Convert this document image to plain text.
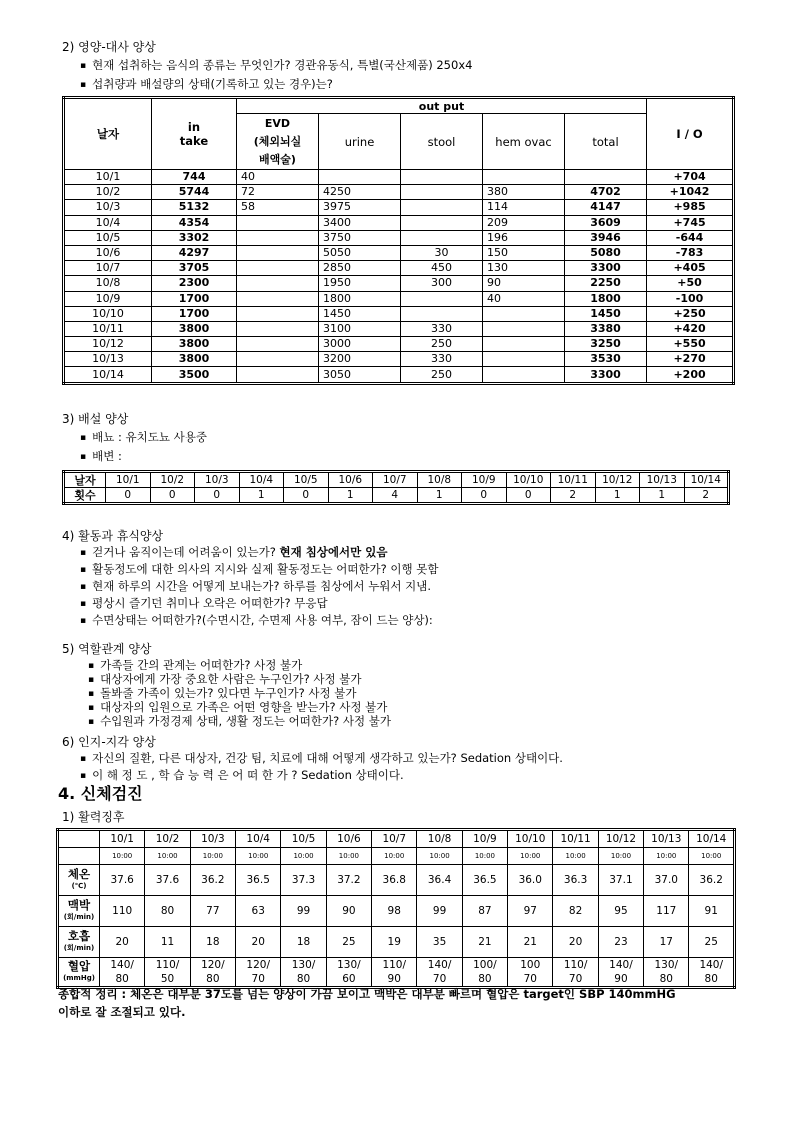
2) 영양-대사 양상
▪ 현재 섭취하는 음식의 종류는 무엇인가? 경관유동식, 특별(국산제품) 250x4
▪ 섭취량과 배설량의 상태(기록하고 있는 경우)는?
날자	in
take	out put					I / O
		EVD
(체외뇌실
배액술)	urine	stool	hem ovac	total	

10/1	744	40					+704
10/2	5744	72	4250		380	4702	+1042
10/3	5132	58	3975		114	4147	+985
10/4	4354		3400		209	3609	+745
10/5	3302		3750		196	3946	-644
10/6	4297		5050	30	150	5080	-783
10/7	3705		2850	450	130	3300	+405
10/8	2300		1950	300	90	2250	+50
10/9	1700		1800		40	1800	-100
10/10	1700		1450			1450	+250
10/11	3800		3100	330		3380	+420
10/12	3800		3000	250		3250	+550
10/13	3800		3200	330		3530	+270
10/14	3500		3050	250		3300	+200
3) 배설 양상
▪ 배뇨 : 유치도뇨 사용중
▪ 배변 :
날자	10/1	10/2	10/3	10/4	10/5	10/6	10/7	10/8	10/9	10/10	10/11	10/12	10/13	10/14
횟수	0	0	0	1	0	1	4	1	0	0	2	1	1	2
4) 활동과 휴식양상
▪ 걷거나 움직이는데 어려움이 있는가? 현재 침상에서만 있음
▪ 활동정도에 대한 의사의 지시와 실제 활동정도는 어떠한가? 이행 못함
▪ 현재 하루의 시간을 어떻게 보내는가? 하루를 침상에서 누워서 지냄.
▪ 평상시 즐기던 취미나 오락은 어떠한가? 무응답
▪ 수면상태는 어떠한가?(수면시간, 수면제 사용 여부, 잠이 드는 양상):
5) 역할관계 양상
▪ 가족들 간의 관계는 어떠한가? 사정 불가
▪ 대상자에게 가장 중요한 사람은 누구인가? 사정 불가
▪ 돌봐줄 가족이 있는가? 있다면 누구인가? 사정 불가
▪ 대상자의 입원으로 가족은 어떤 영향을 받는가? 사정 불가
▪ 수입원과 가정경제 상태, 생활 정도는 어떠한가? 사정 불가
6) 인지-지각 양상
▪ 자신의 질환, 다른 대상자, 건강 팀, 치료에 대해 어떻게 생각하고 있는가? Sedation 상태이다.
▪ 이 해 정 도 , 학 습 능 력 은 어 떠 한 가 ? Sedation 상태이다.
4. 신체검진
1) 활력징후
	10/1	10/2	10/3	10/4	10/5	10/6	10/7	10/8	10/9	10/10	10/11	10/12	10/13	10/14
	10:00	10:00	10:00	10:00	10:00	10:00	10:00	10:00	10:00	10:00	10:00	10:00	10:00	10:00
체온
(℃)	37.6	37.6	36.2	36.5	37.3	37.2	36.8	36.4	36.5	36.0	36.3	37.1	37.0	36.2
맥박
(회/min)	110	80	77	63	99	90	98	99	87	97	82	95	117	91
호흡
(회/min)	20	11	18	20	18	25	19	35	21	21	20	23	17	25
혈압
(mmHg)	140/	110/	120/	120/	130/	130/	110/	140/	100/	100	110/	140/	130/	140/
	80	50	80	70	80	60	90	70	80	70	70	90	80	80
종합적 정리 : 체온은 대부분 37도를 넘는 양상이 가끔 보이고 맥박은 대부분 빠르며 혈압은 target인 SBP 140mmHG
이하로 잘 조절되고 있다.
